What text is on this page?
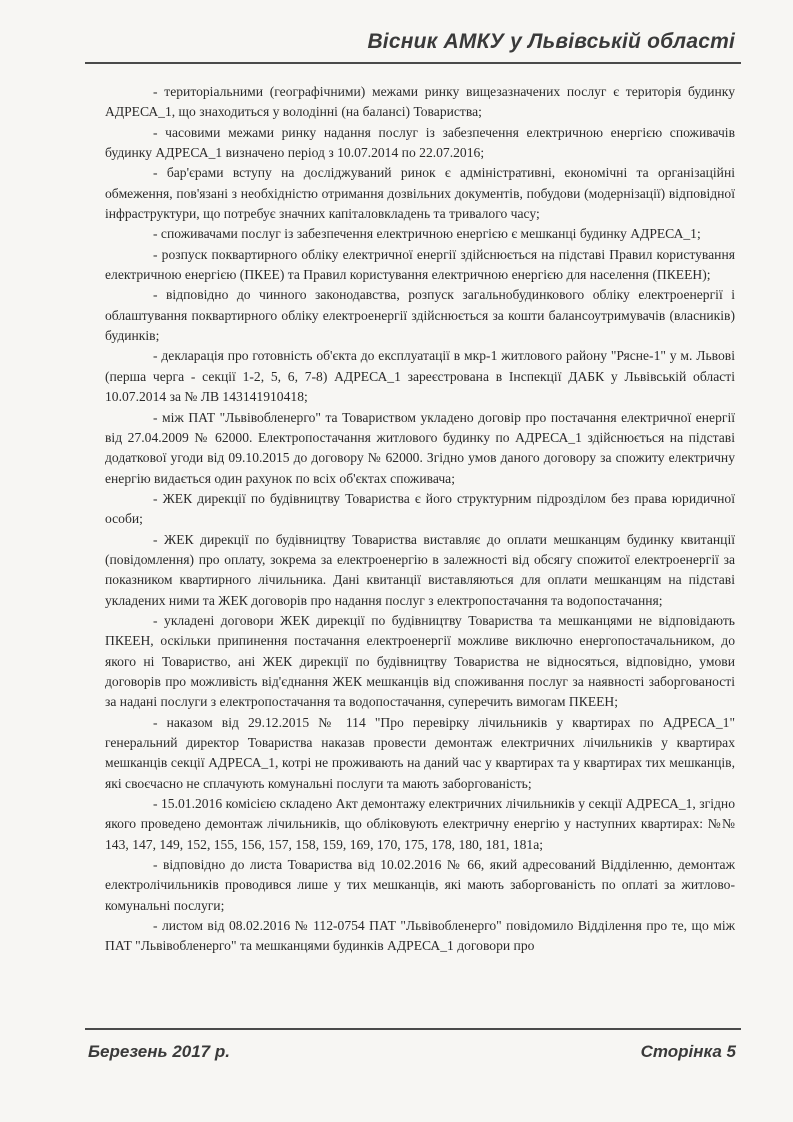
Вісник АМКУ у Львівській області

- територіальними (географічними) межами ринку вищезазначених послуг є територія будинку АДРЕСА_1, що знаходиться у володінні (на балансі) Товариства;

- часовими межами ринку надання послуг із забезпечення електричною енергією споживачів будинку АДРЕСА_1 визначено період з 10.07.2014 по 22.07.2016;

- бар'єрами вступу на досліджуваний ринок є адміністративні, економічні та організаційні обмеження, пов'язані з необхідністю отримання дозвільних документів, побудови (модернізації) відповідної інфраструктури, що потребує значних капіталовкладень та тривалого часу;

- споживачами послуг із забезпечення електричною енергією є мешканці будинку АДРЕСА_1;

- розпуск поквартирного обліку електричної енергії здійснюється на підставі Правил користування електричною енергією (ПКЕЕ) та Правил користування електричною енергією для населення (ПКЕЕН);

- відповідно до чинного законодавства, розпуск загальнобудинкового обліку електроенергії і облаштування поквартирного обліку електроенергії здійснюється за кошти балансоутримувачів (власників) будинків;

- декларація про готовність об'єкта до експлуатації в мкр-1 житлового району "Рясне-1" у м. Львові (перша черга - секції 1-2, 5, 6, 7-8) АДРЕСА_1 зареєстрована в Інспекції ДАБК у Львівській області 10.07.2014 за № ЛВ 143141910418;

- між ПАТ "Львівобленерго" та Товариством укладено договір про постачання електричної енергії від 27.04.2009 № 62000. Електропостачання житлового будинку по АДРЕСА_1 здійснюється на підставі додаткової угоди від 09.10.2015 до договору № 62000. Згідно умов даного договору за спожиту електричну енергію видається один рахунок по всіх об'єктах споживача;

- ЖЕК дирекції по будівництву Товариства є його структурним підрозділом без права юридичної особи;

- ЖЕК дирекції по будівництву Товариства виставляє до оплати мешканцям будинку квитанції (повідомлення) про оплату, зокрема за електроенергію в залежності від обсягу спожитої електроенергії за показником квартирного лічильника. Дані квитанції виставляються для оплати мешканцям на підставі укладених ними та ЖЕК договорів про надання послуг з електропостачання та водопостачання;

- укладені договори ЖЕК дирекції по будівництву Товариства та мешканцями не відповідають ПКЕЕН, оскільки припинення постачання електроенергії можливе виключно енергопостачальником, до якого ні Товариство, ані ЖЕК дирекції по будівництву Товариства не відносяться, відповідно, умови договорів про можливість від'єднання ЖЕК мешканців від споживання послуг за наявності заборгованості за надані послуги з електропостачання та водопостачання, суперечить вимогам ПКЕЕН;

- наказом від 29.12.2015 № 114 "Про перевірку лічильників у квартирах по АДРЕСА_1" генеральний директор Товариства наказав провести демонтаж електричних лічильників у квартирах мешканців секції АДРЕСА_1, котрі не проживають на даний час у квартирах та у квартирах тих мешканців, які своєчасно не сплачують комунальні послуги та мають заборгованість;

- 15.01.2016 комісією складено Акт демонтажу електричних лічильників у секції АДРЕСА_1, згідно якого проведено демонтаж лічильників, що обліковують електричну енергію у наступних квартирах: №№ 143, 147, 149, 152, 155, 156, 157, 158, 159, 169, 170, 175, 178, 180, 181, 181а;

- відповідно до листа Товариства від 10.02.2016 № 66, який адресований Відділенню, демонтаж електролічильників проводився лише у тих мешканців, які мають заборгованість по оплаті за житлово-комунальні послуги;

- листом від 08.02.2016 № 112-0754 ПАТ "Львівобленерго" повідомило Відділення про те, що між ПАТ "Львівобленерго" та мешканцями будинків АДРЕСА_1 договори про

Березень 2017 р.	Сторінка 5
